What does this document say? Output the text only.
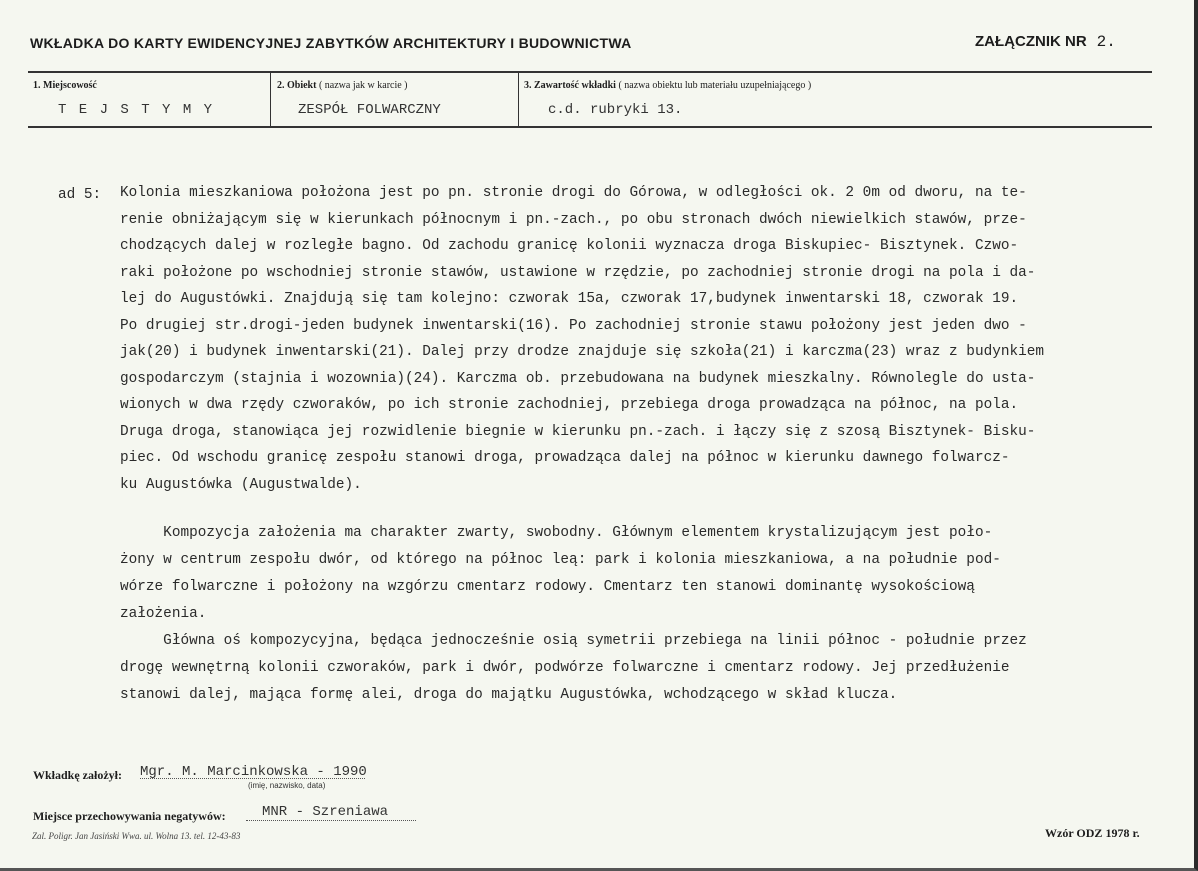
WKŁADKA DO KARTY EWIDENCYJNEJ ZABYTKÓW ARCHITEKTURY I BUDOWNICTWA	ZAŁĄCZNIK NR 2.
1. Miejscowość
T E J S T Y M Y
2. Obiekt ( nazwa jak w karcie )
ZESPÓŁ FOLWARCZNY
3. Zawartość wkładki ( nazwa obiektu lub materiału uzupełniającego )
c.d. rubryki 13.
ad 5: Kolonia mieszkaniowa położona jest po pn. stronie drogi do Górowa, w odległości ok. 2 0m od dworu, na te-
renie obniżającym się w kierunkach północnym i pn.-zach., po obu stronach dwóch niewielkich stawów, prze-
chodzących dalej w rozległe bagno. Od zachodu granicę kolonii wyznacza droga Biskupiec- Bisztynek. Czwo-
raki położone po wschodniej stronie stawów, ustawione w rzędzie, po zachodniej stronie drogi na pola i da-
lej do Augustówki. Znajdują się tam kolejno: czworak 15a, czworak 17,budynek inwentarski 18, czworak 19.
Po drugiej str.drogi-jeden budynek inwentarski(16). Po zachodniej stronie stawu położony jest jeden dwo -
jak(20) i budynek inwentarski(21). Dalej przy drodze znajduje się szkoła(21) i karczma(23) wraz z budynkiem
gospodarczym (stajnia i wozownia)(24). Karczma ob. przebudowana na budynek mieszkalny. Równolegle do usta-
wionych w dwa rzędy czworaków, po ich stronie zachodniej, przebiega droga prowadząca na północ, na pola.
Druga droga, stanowiąca jej rozwidlenie biegnie w kierunku pn.-zach. i łączy się z szosą Bisztynek- Bisku-
piec. Od wschodu granicę zespołu stanowi droga, prowadząca dalej na północ w kierunku dawnego folwarcz-
ku Augustówka (Augustwalde).
Kompozycja założenia ma charakter zwarty, swobodny. Głównym elementem krystalizującym jest poło-
żony w centrum zespołu dwór, od którego na północ leą: park i kolonia mieszkaniowa, a na południe pod-
wórze folwarczne i położony na wzgórzu cmentarz rodowy. Cmentarz ten stanowi dominantę wysokościową
założenia.
Główna oś kompozycyjna, będąca jednocześnie osią symetrii przebiega na linii północ - południe przez
drogę wewnętrną kolonii czworaków, park i dwór, podwórze folwarczne i cmentarz rodowy. Jej przedłużenie
stanowi dalej, mająca formę alei, droga do majątku Augustówka, wchodzącego w skład klucza.
Wkładkę założył: Mgr. M. Marcinkowska - 1990
(imię, nazwisko, data)
Miejsce przechowywania negatywów:	MNR - Szreniawa
Zal. Poligr. Jan Jasiński Wwa. ul. Wolna 13. tel. 12-43-83	Wzór ODZ 1978 r.
